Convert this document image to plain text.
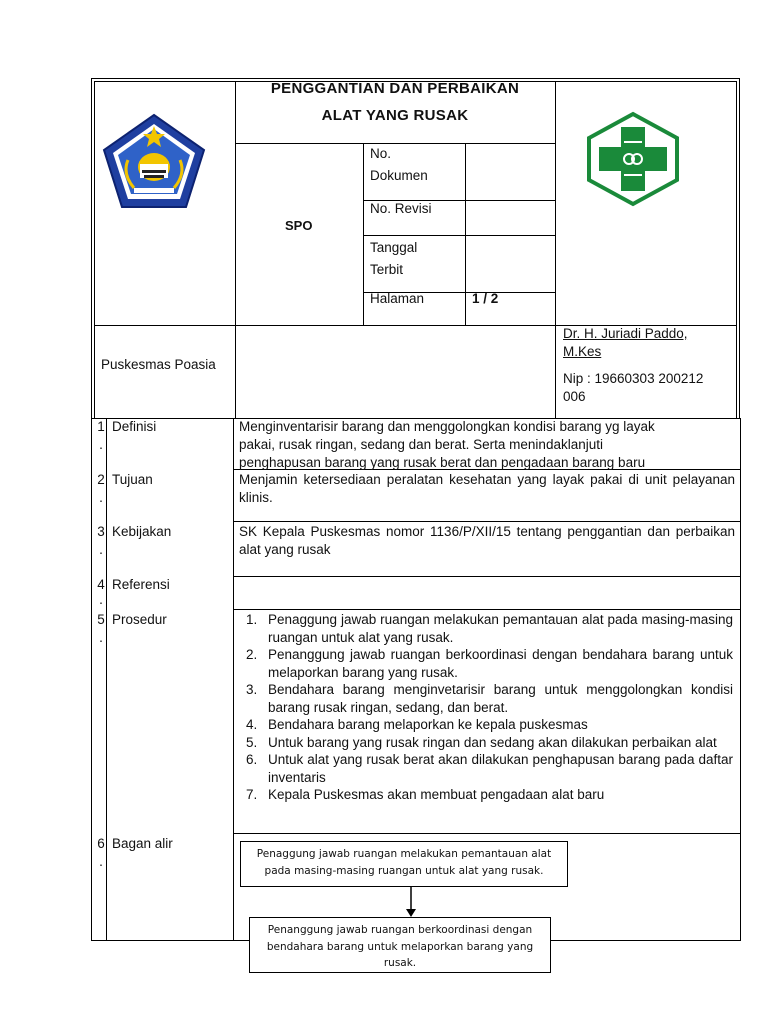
PENGGANTIAN DAN PERBAIKAN
ALAT YANG RUSAK
SPO
No.
Dokumen
No. Revisi
Tanggal
Terbit
Halaman	1 / 2
Puskesmas Poasia
Dr. H. Juriadi Paddo,
M.Kes
Nip : 19660303 200212
006
1
.
Definisi
2
.
Tujuan
3
.
Kebijakan
4
.
Referensi
5
.
Prosedur
6
.
Bagan alir
Menginventarisir barang dan menggolongkan kondisi barang yg layak
pakai, rusak ringan, sedang dan berat. Serta menindaklanjuti
penghapusan barang yang rusak berat dan pengadaan barang baru
Menjamin ketersediaan peralatan kesehatan yang layak pakai di unit pelayanan klinis.
SK Kepala Puskesmas nomor 1136/P/XII/15 tentang penggantian dan perbaikan alat yang rusak
1. Penaggung jawab ruangan melakukan pemantauan alat pada masing-masing ruangan untuk alat yang rusak.
2. Penanggung jawab ruangan berkoordinasi dengan bendahara barang untuk melaporkan barang yang rusak.
3. Bendahara barang menginvetarisir barang untuk menggolongkan kondisi barang rusak ringan, sedang, dan berat.
4. Bendahara barang melaporkan ke kepala puskesmas
5. Untuk barang yang rusak ringan dan sedang akan dilakukan perbaikan alat
6. Untuk alat yang rusak berat akan dilakukan penghapusan barang pada daftar inventaris
7. Kepala Puskesmas akan membuat pengadaan alat baru
Penaggung jawab ruangan melakukan pemantauan alat pada masing-masing ruangan untuk alat yang rusak.
Penanggung jawab ruangan berkoordinasi dengan bendahara barang untuk melaporkan barang yang rusak.
